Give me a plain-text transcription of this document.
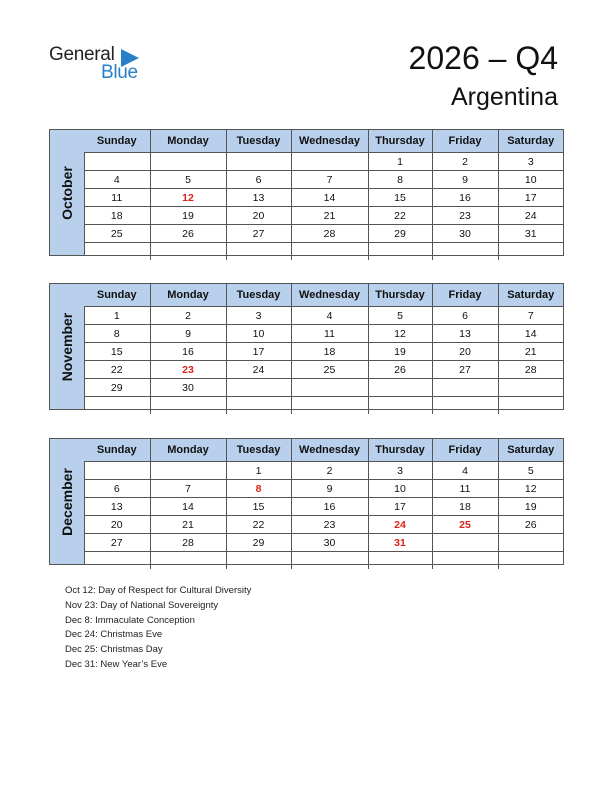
General
Blue	2026 – Q4
Argentina
October
Sunday	Monday	Tuesday	Wednesday	Thursday	Friday	Saturday
				1	2	3
4	5	6	7	8	9	10
11	12	13	14	15	16	17
18	19	20	21	22	23	24
25	26	27	28	29	30	31

November
Sunday	Monday	Tuesday	Wednesday	Thursday	Friday	Saturday
1	2	3	4	5	6	7
8	9	10	11	12	13	14
15	16	17	18	19	20	21
22	23	24	25	26	27	28
29	30					

December
Sunday	Monday	Tuesday	Wednesday	Thursday	Friday	Saturday
		1	2	3	4	5
6	7	8	9	10	11	12
13	14	15	16	17	18	19
20	21	22	23	24	25	26
27	28	29	30	31		

Oct 12: Day of Respect for Cultural Diversity
Nov 23: Day of National Sovereignty
Dec 8: Immaculate Conception
Dec 24: Christmas Eve
Dec 25: Christmas Day
Dec 31: New Year’s Eve
